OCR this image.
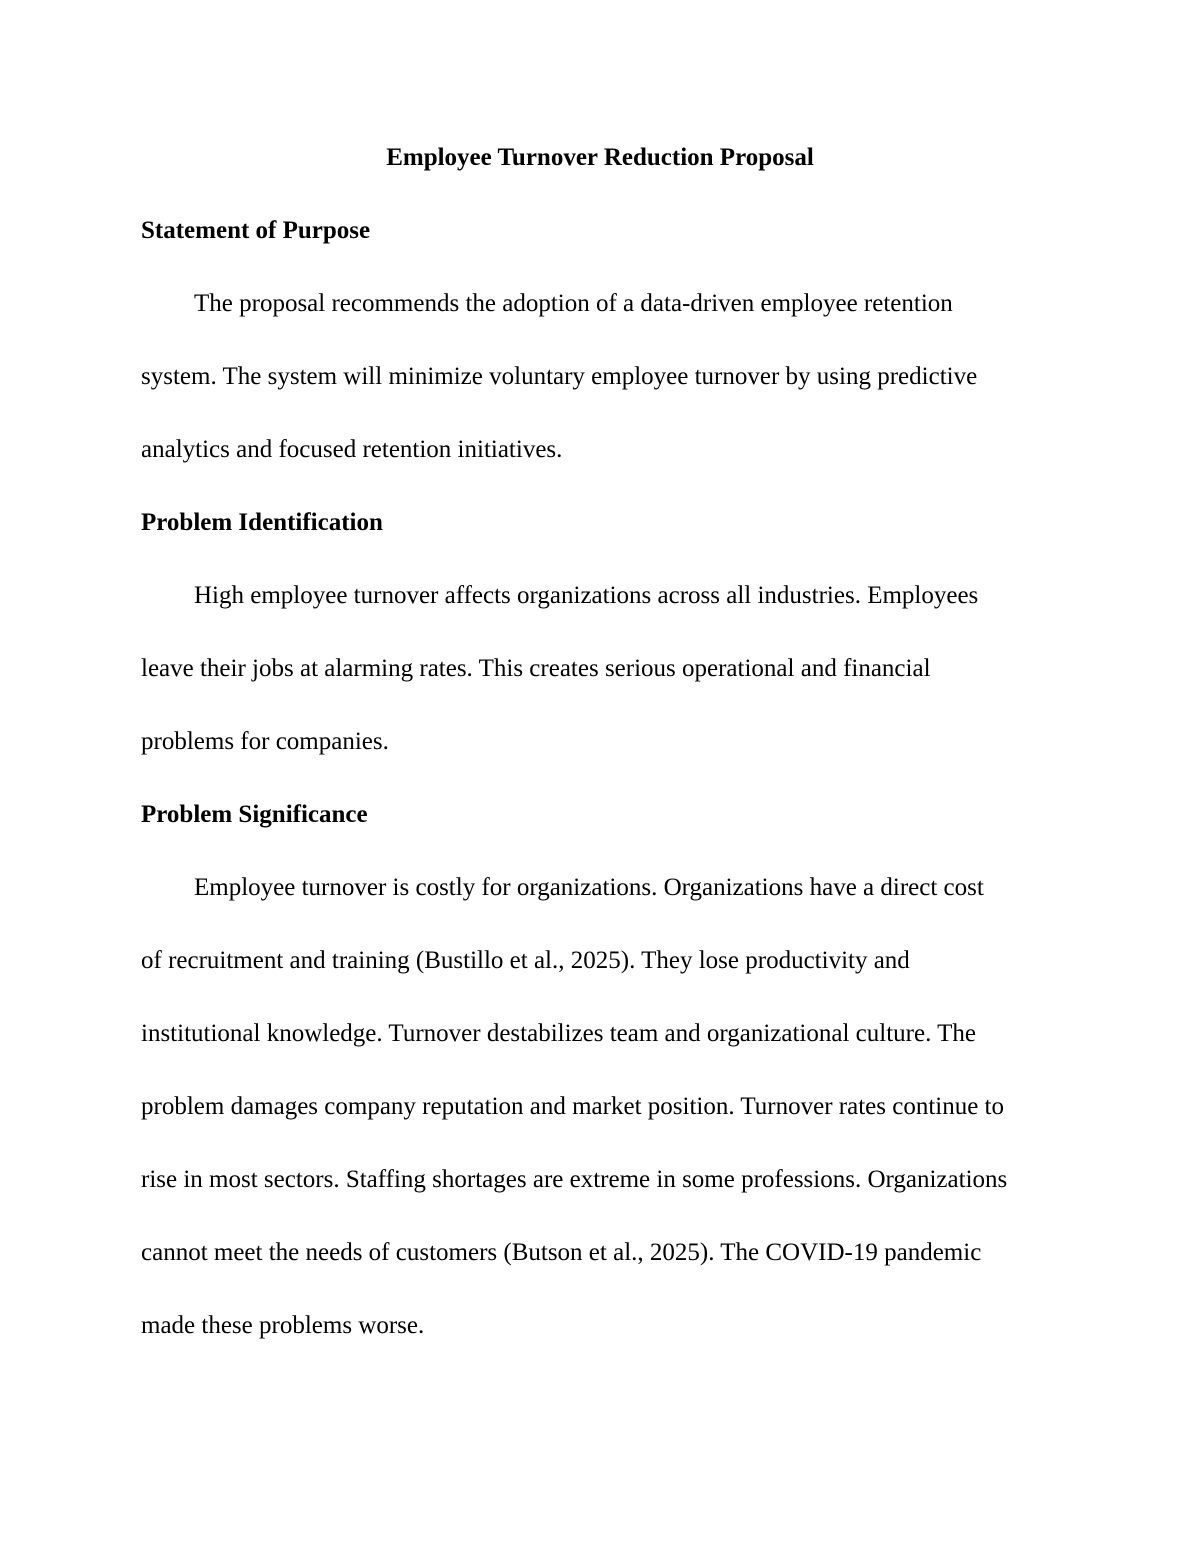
Employee Turnover Reduction Proposal
Statement of Purpose
The proposal recommends the adoption of a data-driven employee retention
system. The system will minimize voluntary employee turnover by using predictive
analytics and focused retention initiatives.
Problem Identification
High employee turnover affects organizations across all industries. Employees
leave their jobs at alarming rates. This creates serious operational and financial
problems for companies.
Problem Significance
Employee turnover is costly for organizations. Organizations have a direct cost
of recruitment and training (Bustillo et al., 2025). They lose productivity and
institutional knowledge. Turnover destabilizes team and organizational culture. The
problem damages company reputation and market position. Turnover rates continue to
rise in most sectors. Staffing shortages are extreme in some professions. Organizations
cannot meet the needs of customers (Butson et al., 2025). The COVID-19 pandemic
made these problems worse.
